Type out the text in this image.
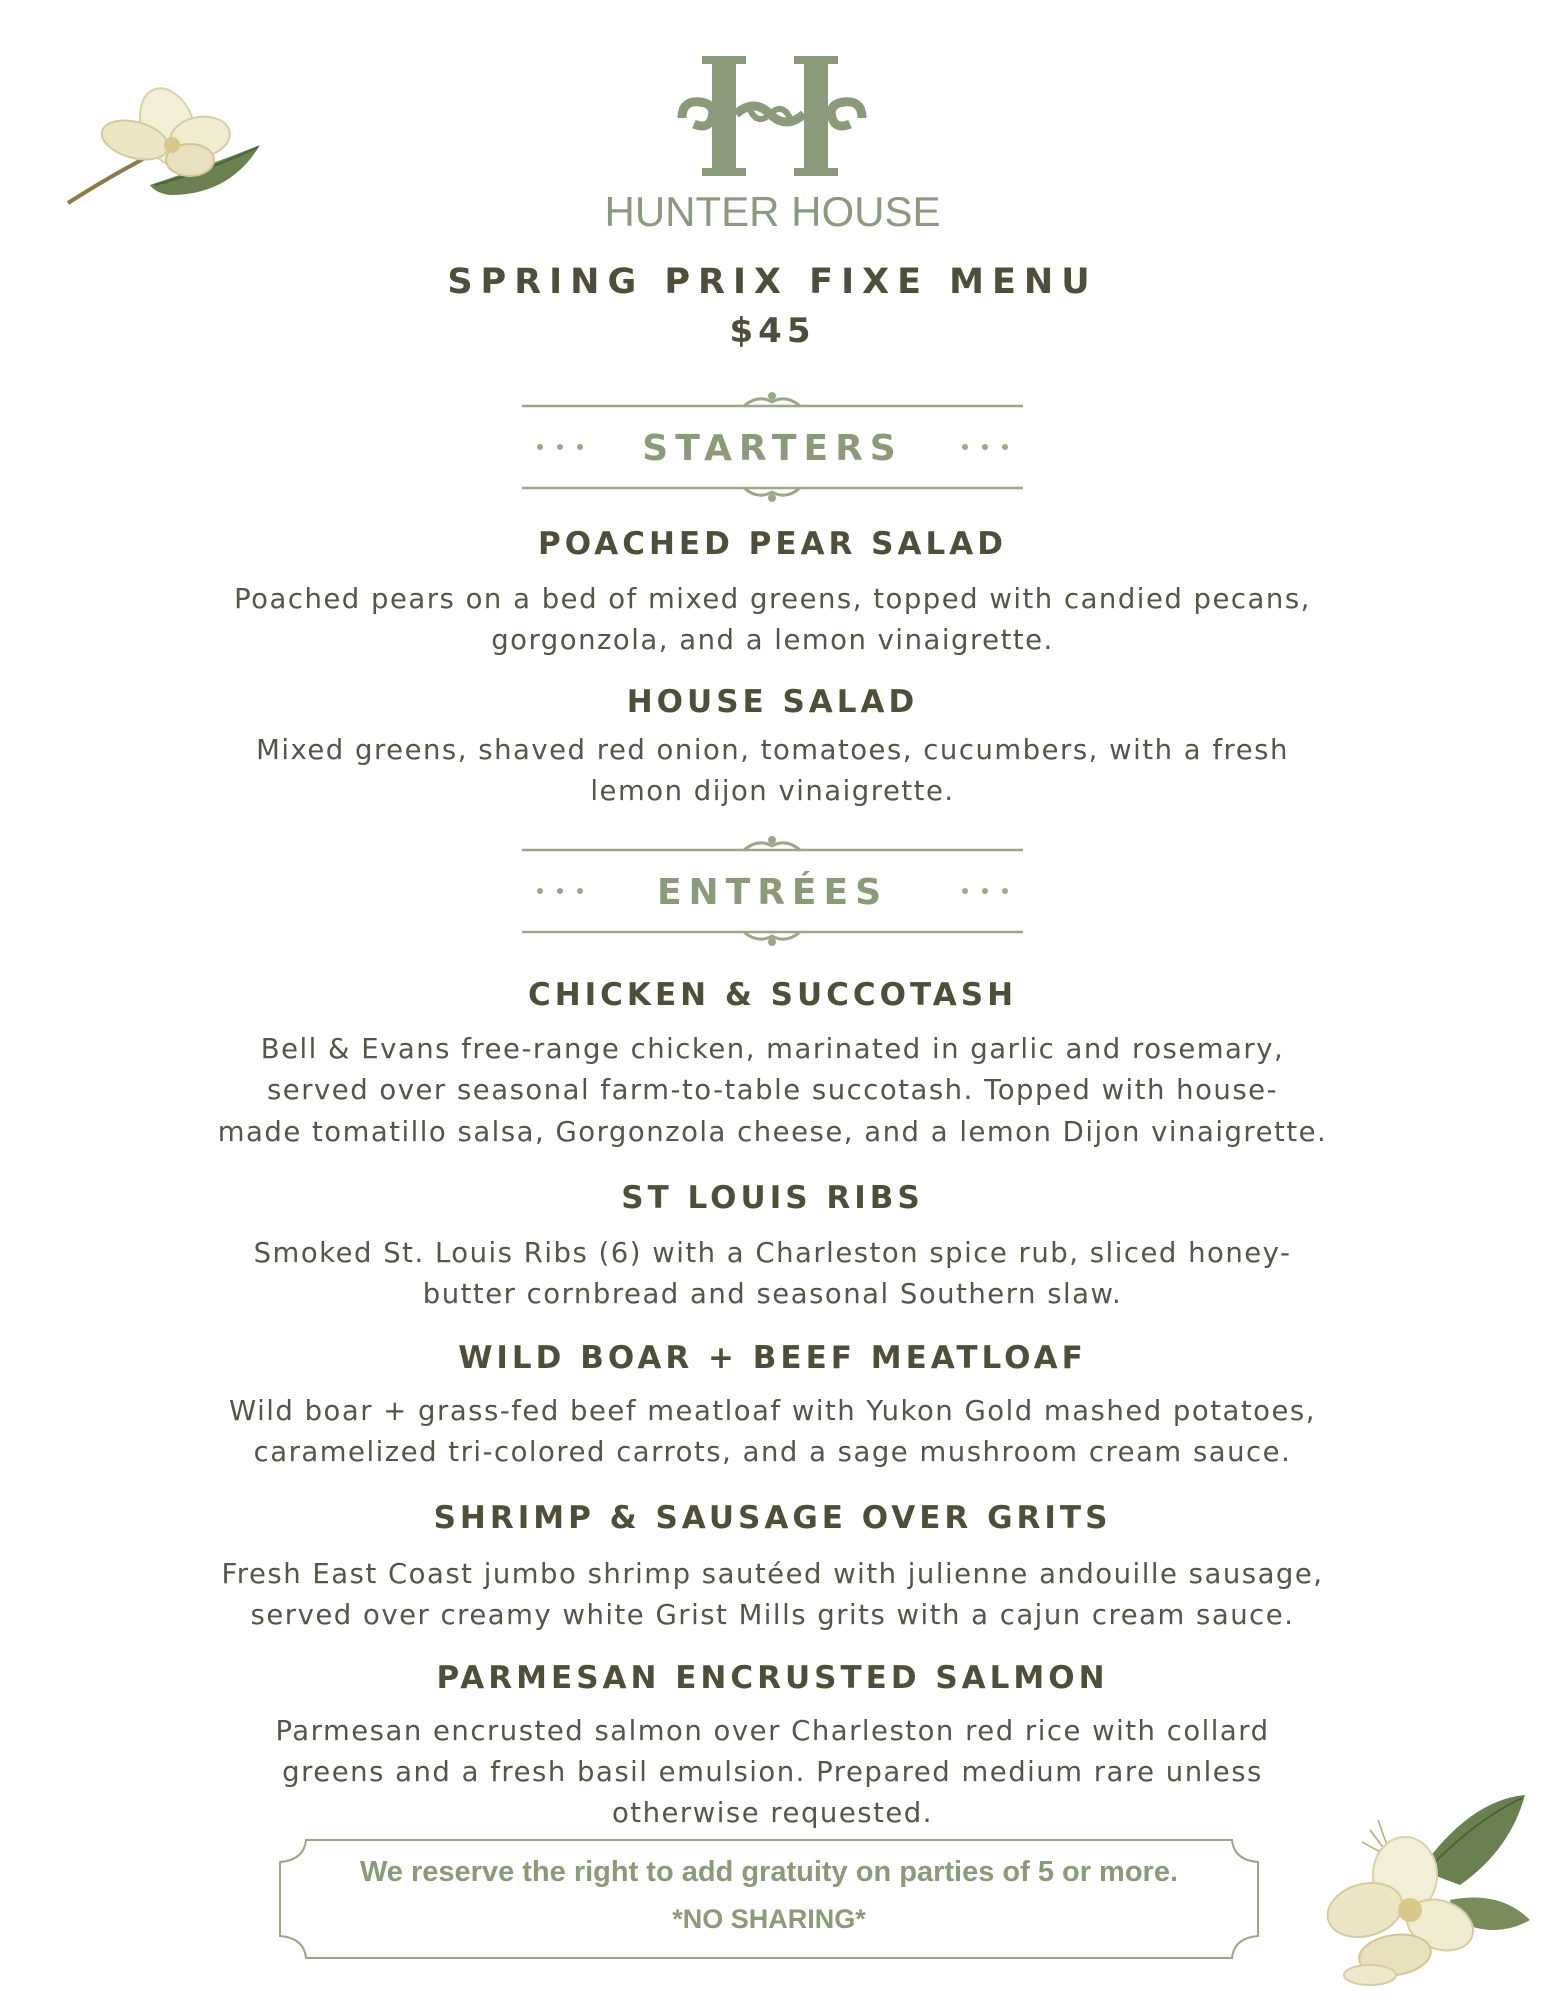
HUNTER HOUSE
SPRING PRIX FIXE MENU
$45
STARTERS
POACHED PEAR SALAD
Poached pears on a bed of mixed greens, topped with candied pecans,
gorgonzola, and a lemon vinaigrette.
HOUSE SALAD
Mixed greens, shaved red onion, tomatoes, cucumbers, with a fresh
lemon dijon vinaigrette.
ENTRÉES
CHICKEN & SUCCOTASH
Bell & Evans free-range chicken, marinated in garlic and rosemary,
served over seasonal farm-to-table succotash. Topped with house-
made tomatillo salsa, Gorgonzola cheese, and a lemon Dijon vinaigrette.
ST LOUIS RIBS
Smoked St. Louis Ribs (6) with a Charleston spice rub, sliced honey-
butter cornbread and seasonal Southern slaw.
WILD BOAR + BEEF MEATLOAF
Wild boar + grass-fed beef meatloaf with Yukon Gold mashed potatoes,
caramelized tri-colored carrots, and a sage mushroom cream sauce.
SHRIMP & SAUSAGE OVER GRITS
Fresh East Coast jumbo shrimp sautéed with julienne andouille sausage,
served over creamy white Grist Mills grits with a cajun cream sauce.
PARMESAN ENCRUSTED SALMON
Parmesan encrusted salmon over Charleston red rice with collard
greens and a fresh basil emulsion. Prepared medium rare unless
otherwise requested.
We reserve the right to add gratuity on parties of 5 or more.
*NO SHARING*
